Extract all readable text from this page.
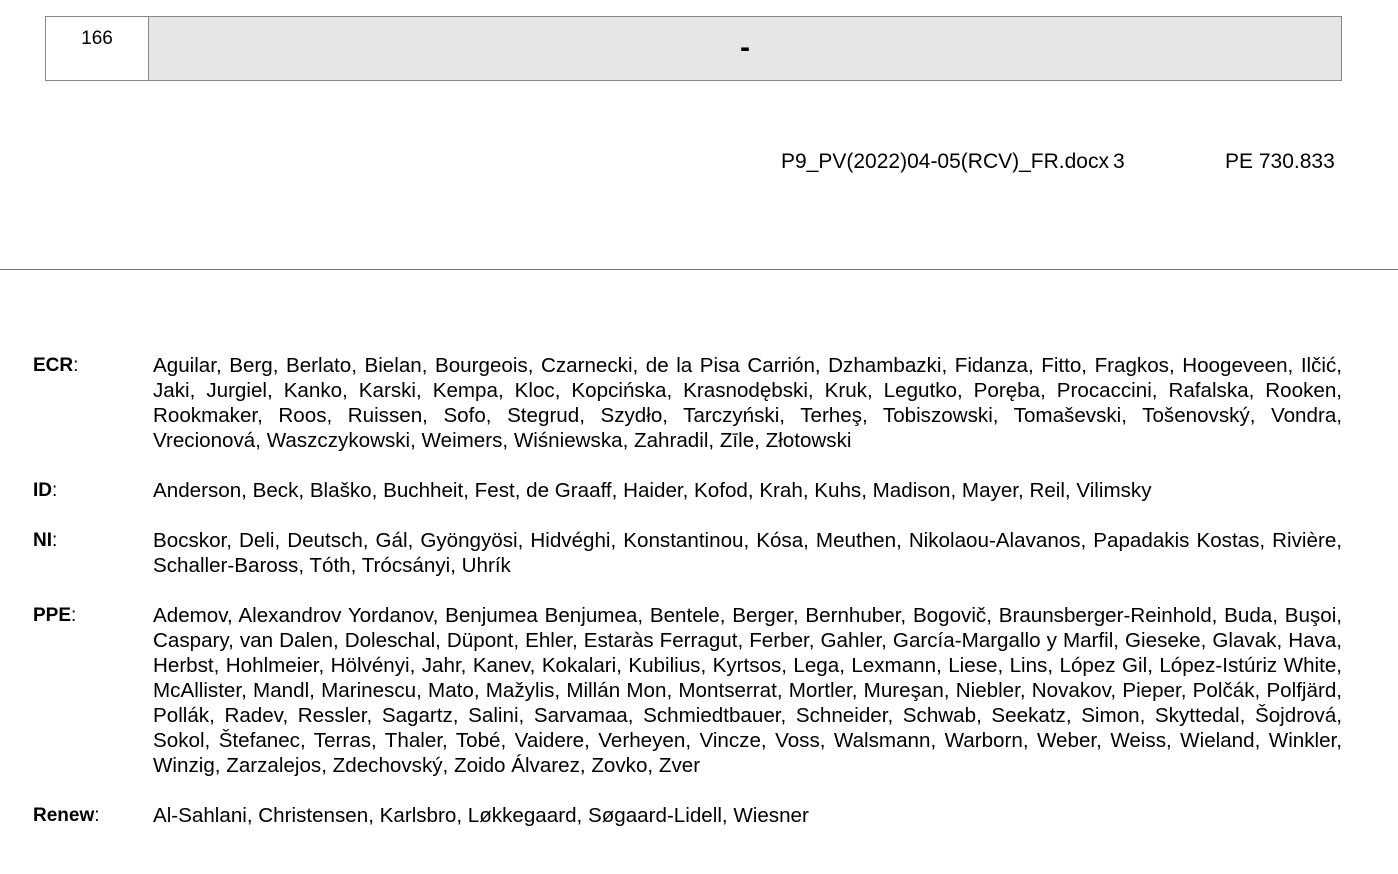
166	-
P9_PV(2022)04-05(RCV)_FR.docx 3	PE 730.833
ECR:	Aguilar, Berg, Berlato, Bielan, Bourgeois, Czarnecki, de la Pisa Carrión, Dzhambazki, Fidanza, Fitto, Fragkos, Hoogeveen, Ilčić, Jaki, Jurgiel, Kanko, Karski, Kempa, Kloc, Kopcińska, Krasnodębski, Kruk, Legutko, Poręba, Procaccini, Rafalska, Rooken, Rookmaker, Roos, Ruissen, Sofo, Stegrud, Szydło, Tarczyński, Terheş, Tobiszowski, Tomaševski, Tošenovský, Vondra, Vrecionová, Waszczykowski, Weimers, Wiśniewska, Zahradil, Zīle, Złotowski
ID:	Anderson, Beck, Blaško, Buchheit, Fest, de Graaff, Haider, Kofod, Krah, Kuhs, Madison, Mayer, Reil, Vilimsky
NI:	Bocskor, Deli, Deutsch, Gál, Gyöngyösi, Hidvéghi, Konstantinou, Kósa, Meuthen, Nikolaou-Alavanos, Papadakis Kostas, Rivière, Schaller-Baross, Tóth, Trócsányi, Uhrík
PPE:	Ademov, Alexandrov Yordanov, Benjumea Benjumea, Bentele, Berger, Bernhuber, Bogovič, Braunsberger-Reinhold, Buda, Buşoi, Caspary, van Dalen, Doleschal, Düpont, Ehler, Estaràs Ferragut, Ferber, Gahler, García-Margallo y Marfil, Gieseke, Glavak, Hava, Herbst, Hohlmeier, Hölvényi, Jahr, Kanev, Kokalari, Kubilius, Kyrtsos, Lega, Lexmann, Liese, Lins, López Gil, López-Istúriz White, McAllister, Mandl, Marinescu, Mato, Mažylis, Millán Mon, Montserrat, Mortler, Mureşan, Niebler, Novakov, Pieper, Polčák, Polfjärd, Pollák, Radev, Ressler, Sagartz, Salini, Sarvamaa, Schmiedtbauer, Schneider, Schwab, Seekatz, Simon, Skyttedal, Šojdrová, Sokol, Štefanec, Terras, Thaler, Tobé, Vaidere, Verheyen, Vincze, Voss, Walsmann, Warborn, Weber, Weiss, Wieland, Winkler, Winzig, Zarzalejos, Zdechovský, Zoido Álvarez, Zovko, Zver
Renew:	Al-Sahlani, Christensen, Karlsbro, Løkkegaard, Søgaard-Lidell, Wiesner
